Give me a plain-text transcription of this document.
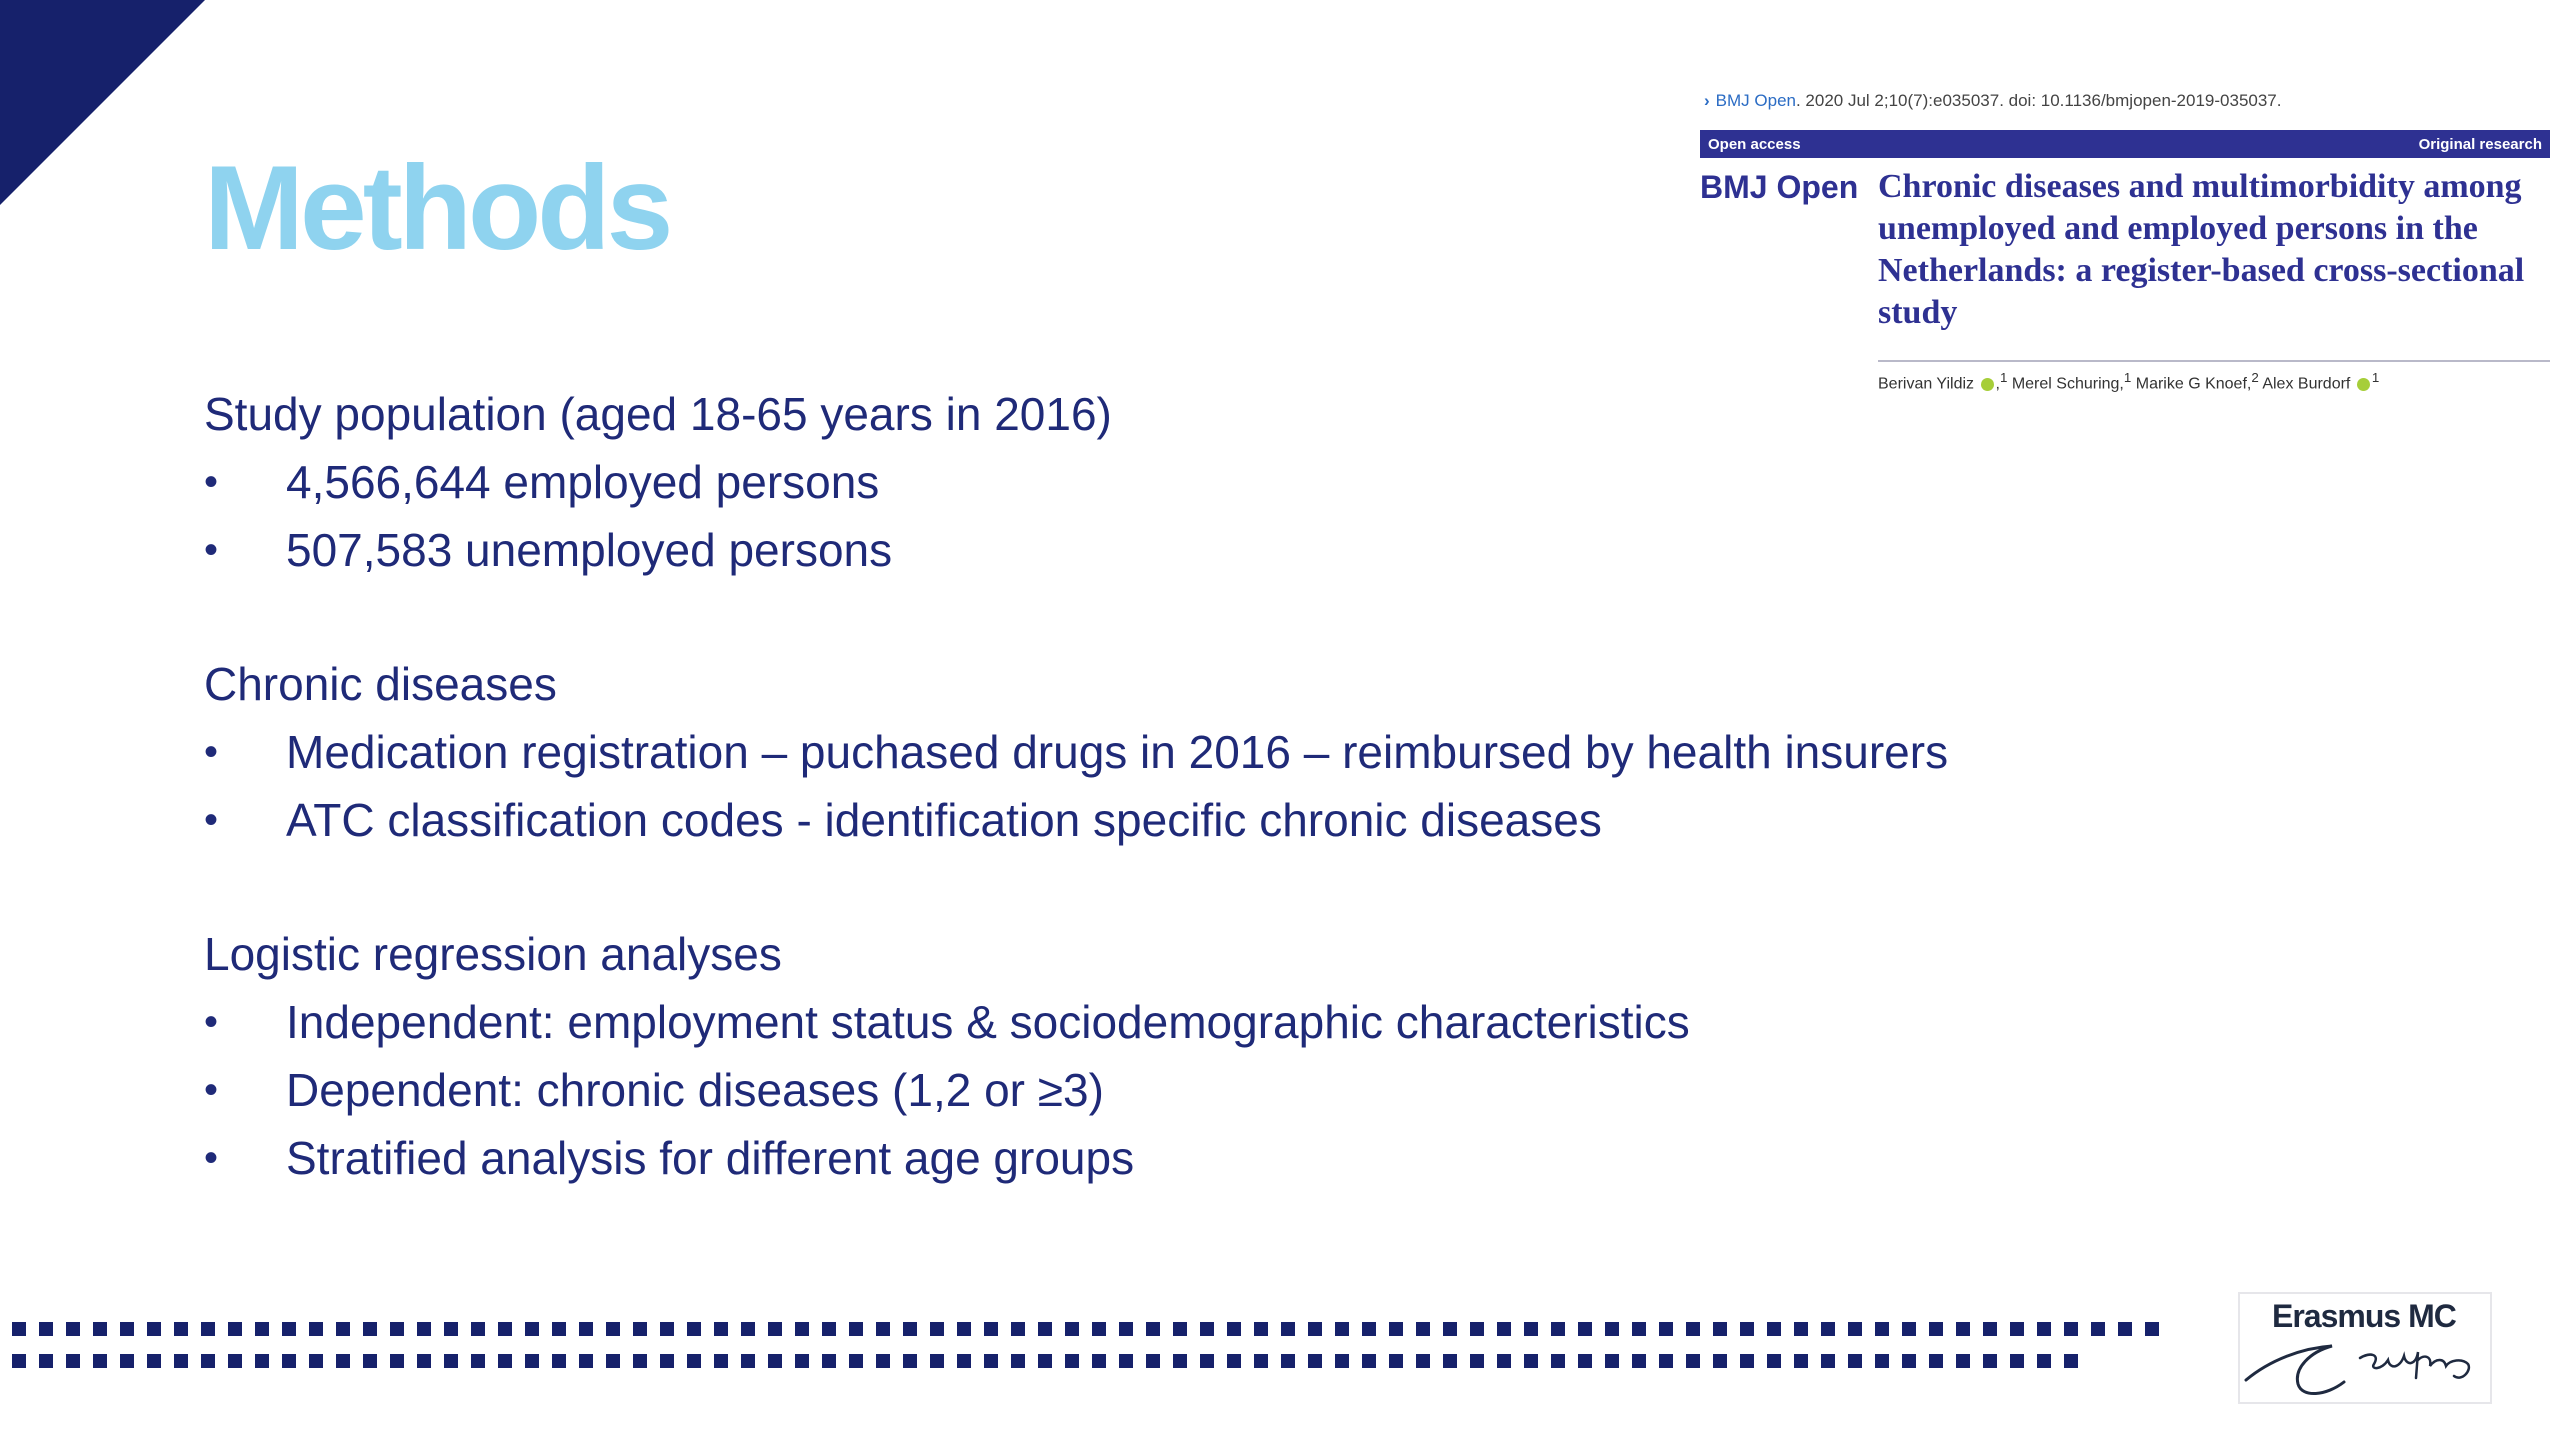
Methods
› BMJ Open. 2020 Jul 2;10(7):e035037. doi: 10.1136/bmjopen-2019-035037.
Open access	Original research
BMJ Open Chronic diseases and multimorbidity among unemployed and employed persons in the Netherlands: a register-based cross-sectional study
Berivan Yildiz ,$^1$ Merel Schuring,$^1$ Marike G Knoef,$^2$ Alex Burdorf $^1$

Study population (aged 18-65 years in 2016)

• 4,566,644 employed persons
• 507,583 unemployed persons

Chronic diseases

• Medication registration – puchased drugs in 2016 – reimbursed by health insurers
• ATC classification codes - identification specific chronic diseases

Logistic regression analyses

• Independent: employment status & sociodemographic characteristics
• Dependent: chronic diseases (1,2 or ≥3)
• Stratified analysis for different age groups
Erasmus MC
